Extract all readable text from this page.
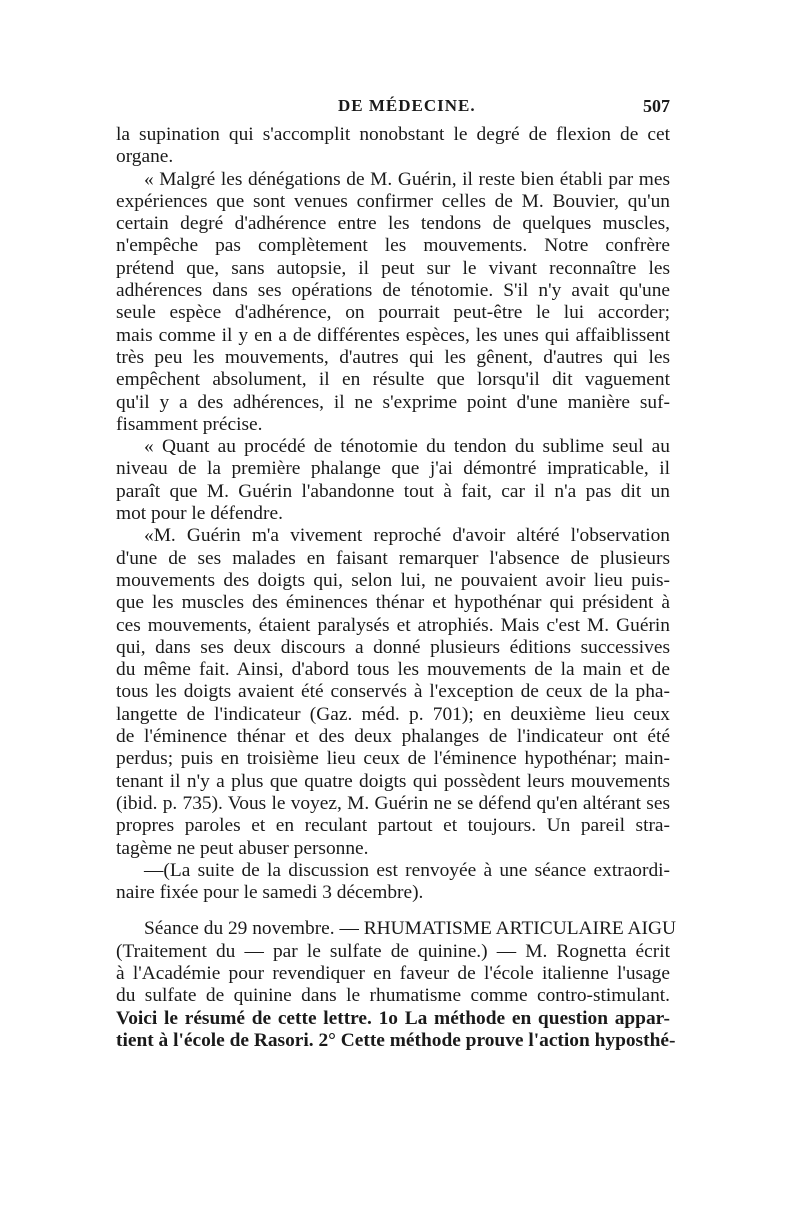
DE MÉDECINE.	507
la supination qui s'accomplit nonobstant le degré de flexion de cet
organe.
« Malgré les dénégations de M. Guérin, il reste bien établi par mes
expériences que sont venues confirmer celles de M. Bouvier, qu'un
certain degré d'adhérence entre les tendons de quelques muscles,
n'empêche pas complètement les mouvements. Notre confrère
prétend que, sans autopsie, il peut sur le vivant reconnaître les
adhérences dans ses opérations de ténotomie. S'il n'y avait qu'une
seule espèce d'adhérence, on pourrait peut-être le lui accorder;
mais comme il y en a de différentes espèces, les unes qui affaiblissent
très peu les mouvements, d'autres qui les gênent, d'autres qui les
empêchent absolument, il en résulte que lorsqu'il dit vaguement
qu'il y a des adhérences, il ne s'exprime point d'une manière suf-
fisamment précise.
« Quant au procédé de ténotomie du tendon du sublime seul au
niveau de la première phalange que j'ai démontré impraticable, il
paraît que M. Guérin l'abandonne tout à fait, car il n'a pas dit un
mot pour le défendre.
«M. Guérin m'a vivement reproché d'avoir altéré l'observation
d'une de ses malades en faisant remarquer l'absence de plusieurs
mouvements des doigts qui, selon lui, ne pouvaient avoir lieu puis-
que les muscles des éminences thénar et hypothénar qui président à
ces mouvements, étaient paralysés et atrophiés. Mais c'est M. Guérin
qui, dans ses deux discours a donné plusieurs éditions successives
du même fait. Ainsi, d'abord tous les mouvements de la main et de
tous les doigts avaient été conservés à l'exception de ceux de la pha-
langette de l'indicateur (Gaz. méd. p. 701); en deuxième lieu ceux
de l'éminence thénar et des deux phalanges de l'indicateur ont été
perdus; puis en troisième lieu ceux de l'éminence hypothénar; main-
tenant il n'y a plus que quatre doigts qui possèdent leurs mouvements
(ibid. p. 735). Vous le voyez, M. Guérin ne se défend qu'en altérant ses
propres paroles et en reculant partout et toujours. Un pareil stra-
tagème ne peut abuser personne.
—(La suite de la discussion est renvoyée à une séance extraordi-
naire fixée pour le samedi 3 décembre).
Séance du 29 novembre. — RHUMATISME ARTICULAIRE AIGU
(Traitement du — par le sulfate de quinine.) — M. Rognetta écrit
à l'Académie pour revendiquer en faveur de l'école italienne l'usage
du sulfate de quinine dans le rhumatisme comme contro-stimulant.
Voici le résumé de cette lettre. 1o La méthode en question appar-
tient à l'école de Rasori. 2° Cette méthode prouve l'action hyposthé-
